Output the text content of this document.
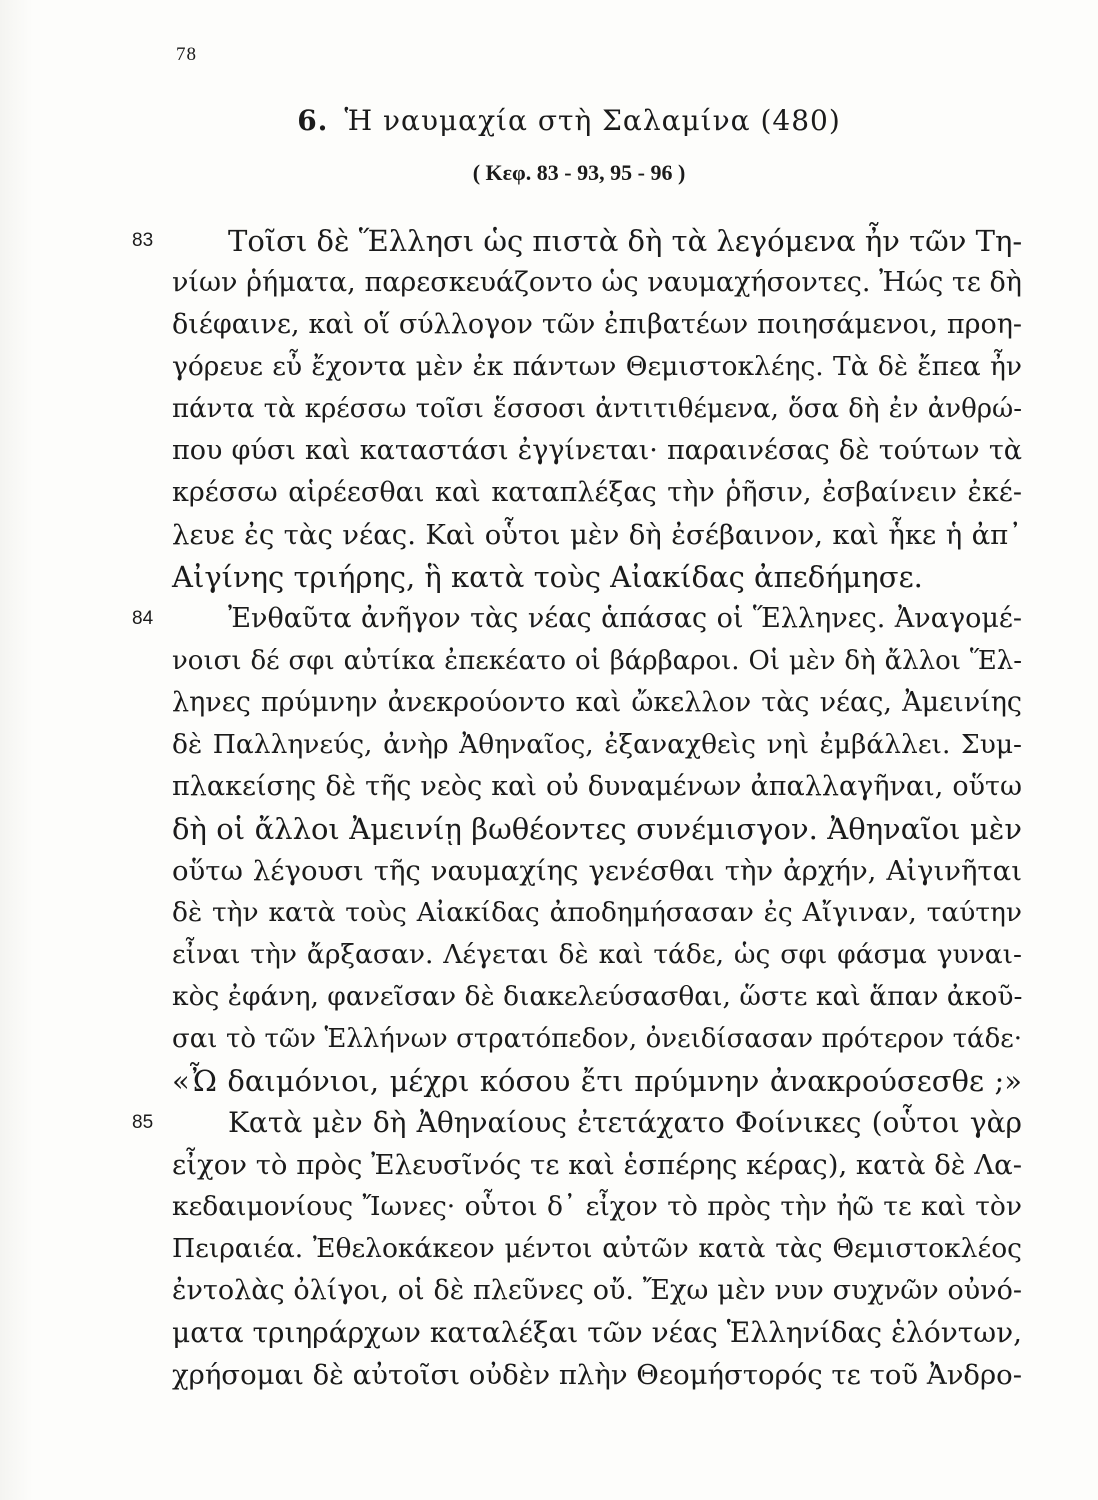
78
6. Ἡ ναυμαχία στὴ Σαλαμίνα (480)
( Κεφ. 83 - 93, 95 - 96 )
83	Τοῖσι δὲ Ἕλλησι ὡς πιστὰ δὴ τὰ λεγόμενα ἦν τῶν Τη-
νίων ῥήματα, παρεσκευάζοντο ὡς ναυμαχήσοντες. Ἠώς τε δὴ
διέφαινε, καὶ οἵ σύλλογον τῶν ἐπιβατέων ποιησάμενοι, προη-
γόρευε εὖ ἔχοντα μὲν ἐκ πάντων Θεμιστοκλέης. Τὰ δὲ ἔπεα ἦν
πάντα τὰ κρέσσω τοῖσι ἕσσοσι ἀντιτιθέμενα, ὅσα δὴ ἐν ἀνθρώ-
που φύσι καὶ καταστάσι ἐγγίνεται· παραινέσας δὲ τούτων τὰ
κρέσσω αἱρέεσθαι καὶ καταπλέξας τὴν ῥῆσιν, ἐσβαίνειν ἐκέ-
λευε ἐς τὰς νέας. Καὶ οὗτοι μὲν δὴ ἐσέβαινον, καὶ ἧκε ἡ ἀπ᾽
Αἰγίνης τριήρης, ἣ κατὰ τοὺς Αἰακίδας ἀπεδήμησε.
84	Ἐνθαῦτα ἀνῆγον τὰς νέας ἁπάσας οἱ Ἕλληνες. Ἀναγομέ-
νοισι δέ σφι αὐτίκα ἐπεκέατο οἱ βάρβαροι. Οἱ μὲν δὴ ἄλλοι Ἕλ-
ληνες πρύμνην ἀνεκρούοντο καὶ ὤκελλον τὰς νέας, Ἀμεινίης
δὲ Παλληνεύς, ἀνὴρ Ἀθηναῖος, ἐξαναχθεὶς νηὶ ἐμβάλλει. Συμ-
πλακείσης δὲ τῆς νεὸς καὶ οὐ δυναμένων ἀπαλλαγῆναι, οὕτω
δὴ οἱ ἄλλοι Ἀμεινίῃ βωθέοντες συνέμισγον. Ἀθηναῖοι μὲν
οὕτω λέγουσι τῆς ναυμαχίης γενέσθαι τὴν ἀρχήν, Αἰγινῆται
δὲ τὴν κατὰ τοὺς Αἰακίδας ἀποδημήσασαν ἐς Αἴγιναν, ταύτην
εἶναι τὴν ἄρξασαν. Λέγεται δὲ καὶ τάδε, ὡς σφι φάσμα γυναι-
κὸς ἐφάνη, φανεῖσαν δὲ διακελεύσασθαι, ὥστε καὶ ἅπαν ἀκοῦ-
σαι τὸ τῶν Ἑλλήνων στρατόπεδον, ὀνειδίσασαν πρότερον τάδε·
«Ὦ δαιμόνιοι, μέχρι κόσου ἔτι πρύμνην ἀνακρούσεσθε ;»
85	Κατὰ μὲν δὴ Ἀθηναίους ἐτετάχατο Φοίνικες (οὗτοι γὰρ
εἶχον τὸ πρὸς Ἐλευσῖνός τε καὶ ἑσπέρης κέρας), κατὰ δὲ Λα-
κεδαιμονίους Ἴωνες· οὗτοι δ᾽ εἶχον τὸ πρὸς τὴν ἠῶ τε καὶ τὸν
Πειραιέα. Ἐθελοκάκεον μέντοι αὐτῶν κατὰ τὰς Θεμιστοκλέος
ἐντολὰς ὀλίγοι, οἱ δὲ πλεῦνες οὔ. Ἔχω μὲν νυν συχνῶν οὐνό-
ματα τριηράρχων καταλέξαι τῶν νέας Ἑλληνίδας ἑλόντων,
χρήσομαι δὲ αὐτοῖσι οὐδὲν πλὴν Θεομήστορός τε τοῦ Ἀνδρο-
